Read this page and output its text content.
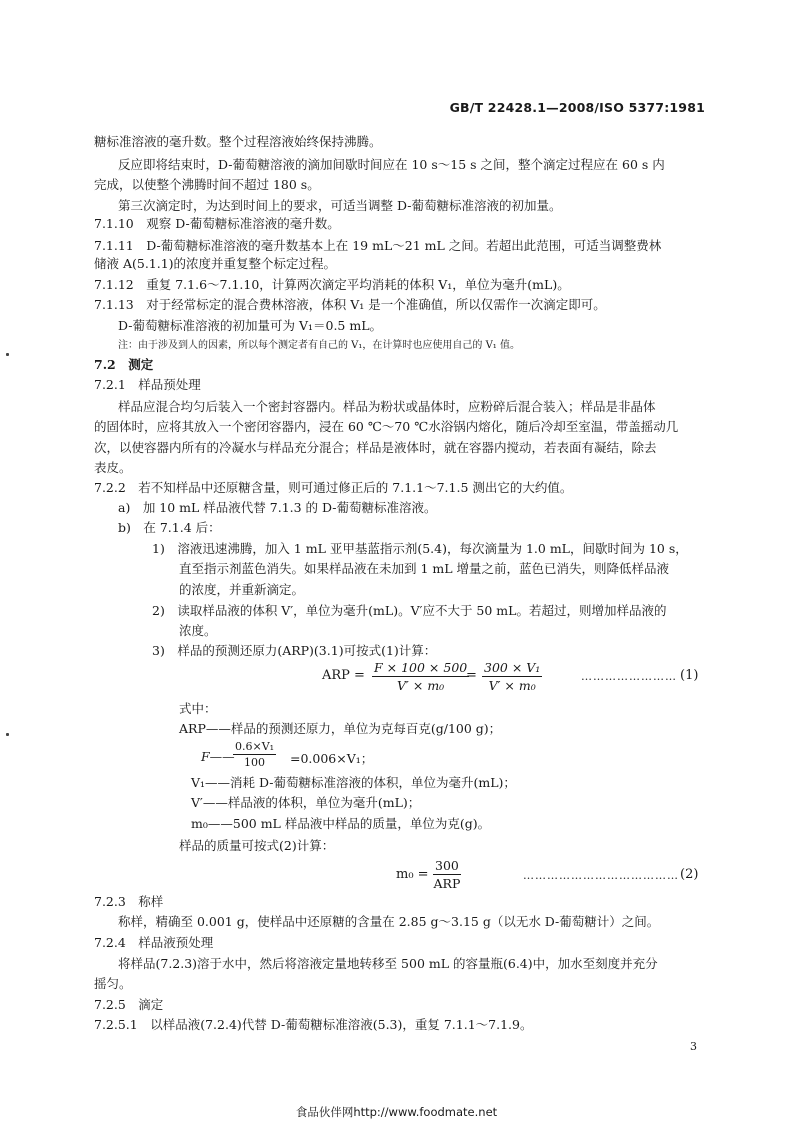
GB/T 22428.1—2008/ISO 5377:1981
糖标准溶液的毫升数。整个过程溶液始终保持沸腾。
反应即将结束时，D-葡萄糖溶液的滴加间歇时间应在 10 s～15 s 之间，整个滴定过程应在 60 s 内
完成，以使整个沸腾时间不超过 180 s。
第三次滴定时，为达到时间上的要求，可适当调整 D-葡萄糖标准溶液的初加量。
7.1.10　观察 D-葡萄糖标准溶液的毫升数。
7.1.11　D-葡萄糖标准溶液的毫升数基本上在 19 mL～21 mL 之间。若超出此范围，可适当调整费林
储液 A(5.1.1)的浓度并重复整个标定过程。
7.1.12　重复 7.1.6～7.1.10，计算两次滴定平均消耗的体积 V₁，单位为毫升(mL)。
7.1.13　对于经常标定的混合费林溶液，体积 V₁ 是一个准确值，所以仅需作一次滴定即可。
D-葡萄糖标准溶液的初加量可为 V₁＝0.5 mL。
注：由于涉及到人的因素，所以每个测定者有自己的 V₁，在计算时也应使用自己的 V₁ 值。
7.2　测定
7.2.1　样品预处理
样品应混合均匀后装入一个密封容器内。样品为粉状或晶体时，应粉碎后混合装入；样品是非晶体
的固体时，应将其放入一个密闭容器内，浸在 60 ℃～70 ℃水浴锅内熔化，随后冷却至室温，带盖摇动几
次，以使容器内所有的冷凝水与样品充分混合；样品是液体时，就在容器内搅动，若表面有凝结，除去
表皮。
7.2.2　若不知样品中还原糖含量，则可通过修正后的 7.1.1～7.1.5 测出它的大约值。
a)　加 10 mL 样品液代替 7.1.3 的 D-葡萄糖标准溶液。
b)　在 7.1.4 后：
1)　溶液迅速沸腾，加入 1 mL 亚甲基蓝指示剂(5.4)，每次滴量为 1.0 mL，间歇时间为 10 s，
直至指示剂蓝色消失。如果样品液在未加到 1 mL 增量之前，蓝色已消失，则降低样品液
的浓度，并重新滴定。
2)　读取样品液的体积 V′，单位为毫升(mL)。V′应不大于 50 mL。若超过，则增加样品液的
浓度。
3)　样品的预测还原力(ARP)(3.1)可按式(1)计算：
ARP = $\frac{F \times 100 \times 500}{\text{V′ × m₀}}$
= $\frac{\text{300 × V₁}}{\text{V′ × m₀}}$	…………………… (1)
式中：
ARP——样品的预测还原力，单位为克每百克(g/100 g)；
F——
$\frac{\text{0.6×V₁}}{100} =0.006\times V_1$；
V₁——消耗 D-葡萄糖标准溶液的体积，单位为毫升(mL)；
V′——样品液的体积，单位为毫升(mL)；
m₀——500 mL 样品液中样品的质量，单位为克(g)。
样品的质量可按式(2)计算：
m₀ =
300
ARP
………………………………… (2)
7.2.3　称样
称样，精确至 0.001 g，使样品中还原糖的含量在 2.85 g～3.15 g（以无水 D-葡萄糖计）之间。
7.2.4　样品液预处理
将样品(7.2.3)溶于水中，然后将溶液定量地转移至 500 mL 的容量瓶(6.4)中，加水至刻度并充分
摇匀。
7.2.5　滴定
7.2.5.1　以样品液(7.2.4)代替 D-葡萄糖标准溶液(5.3)，重复 7.1.1～7.1.9。
3
食品伙伴网http://www.foodmate.net
